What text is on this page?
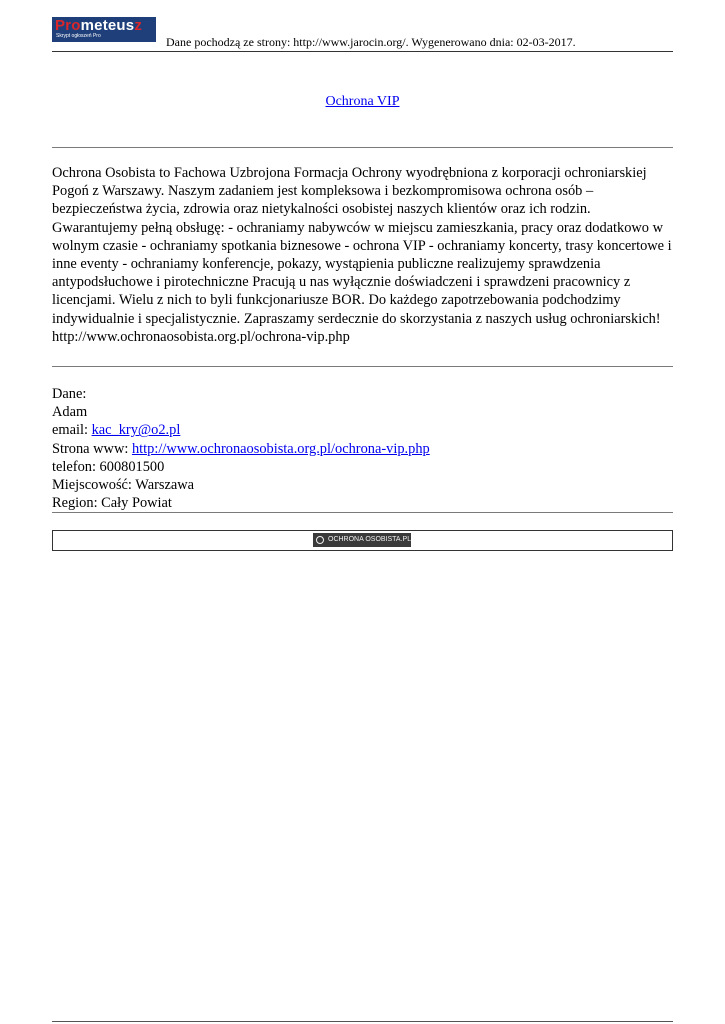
Prometeusz
Skrypt ogłoszeń Pro	Dane pochodzą ze strony: http://www.jarocin.org/. Wygenerowano dnia: 02-03-2017.
Ochrona VIP

Ochrona Osobista to Fachowa Uzbrojona Formacja Ochrony wyodrębniona z korporacji ochroniarskiej Pogoń z Warszawy. Naszym zadaniem jest kompleksowa i bezkompromisowa ochrona osób – bezpieczeństwa życia, zdrowia oraz nietykalności osobistej naszych klientów oraz ich rodzin. Gwarantujemy pełną obsługę: - ochraniamy nabywców w miejscu zamieszkania, pracy oraz dodatkowo w wolnym czasie - ochraniamy spotkania biznesowe - ochrona VIP - ochraniamy koncerty, trasy koncertowe i inne eventy - ochraniamy konferencje, pokazy, wystąpienia publiczne realizujemy sprawdzenia antypodsłuchowe i pirotechniczne Pracują u nas wyłącznie doświadczeni i sprawdzeni pracownicy z licencjami. Wielu z nich to byli funkcjonariusze BOR. Do każdego zapotrzebowania podchodzimy indywidualnie i specjalistycznie. Zapraszamy serdecznie do skorzystania z naszych usług ochroniarskich! http://www.ochronaosobista.org.pl/ochrona-vip.php

Dane:
Adam
email: kac_kry@o2.pl
Strona www: http://www.ochronaosobista.org.pl/ochrona-vip.php
telefon: 600801500
Miejscowość: Warszawa
Region: Cały Powiat
OCHRONA OSOBISTA.PL
